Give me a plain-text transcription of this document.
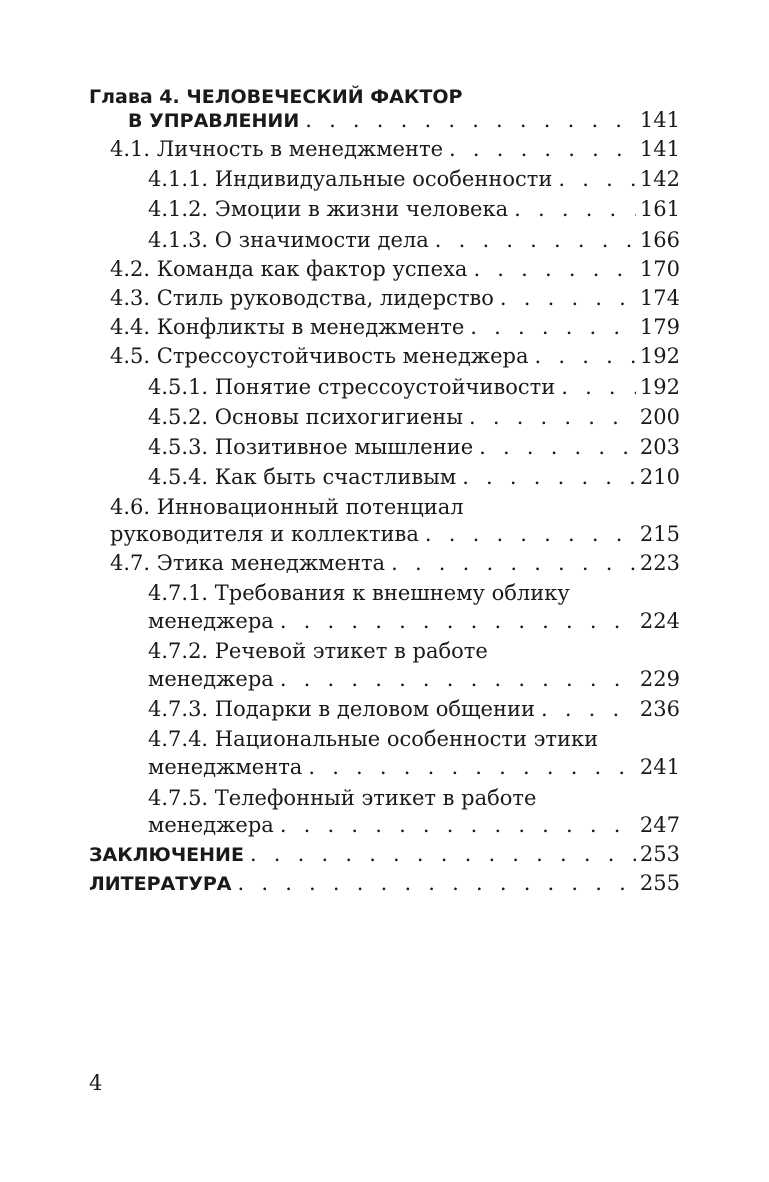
Глава 4. ЧЕЛОВЕЧЕСКИЙ ФАКТОР
В УПРАВЛЕНИИ . . .	141
4.1. Личность в менеджменте . . .	141
4.1.1. Индивидуальные особенности . . .	142
4.1.2. Эмоции в жизни человека . . .	161
4.1.3. О значимости дела . . .	166
4.2. Команда как фактор успеха . . .	170
4.3. Стиль руководства, лидерство . . .	174
4.4. Конфликты в менеджменте . . .	179
4.5. Стрессоустойчивость менеджера . . .	192
4.5.1. Понятие стрессоустойчивости . . .	192
4.5.2. Основы психогигиены . . .	200
4.5.3. Позитивное мышление . . .	203
4.5.4. Как быть счастливым . . .	210
4.6. Инновационный потенциал
руководителя и коллектива . . .	215
4.7. Этика менеджмента . . .	223
4.7.1. Требования к внешнему облику
менеджера . . .	224
4.7.2. Речевой этикет в работе
менеджера . . .	229
4.7.3. Подарки в деловом общении . . .	236
4.7.4. Национальные особенности этики
менеджмента . . .	241
4.7.5. Телефонный этикет в работе
менеджера . . .	247
ЗАКЛЮЧЕНИЕ . . .	253
ЛИТЕРАТУРА . . .	255
4
